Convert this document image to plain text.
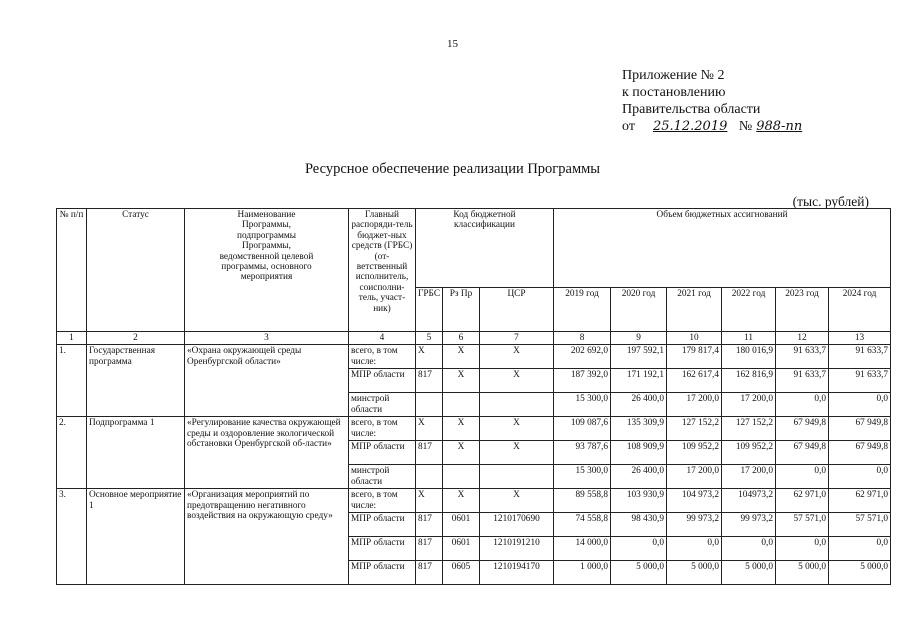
15
Приложение № 2
к постановлению
Правительства области
от 25.12.2019 № 988-пп
Ресурсное обеспечение реализации Программы
(тыс. рублей)
№ п/п	Статус	Наименование Программы, подпрограммы Программы, ведомственной целевой программы, основного мероприятия	Главный распоряди-тель бюджет-ных средств (ГРБС) (от-ветственный исполнитель, соисполни-тель, участ-ник)	Код бюджетной классификации			Объем бюджетных ассигнований					
				ГРБС	Рз Пр	ЦСР	2019 год	2020 год	2021 год	2022 год	2023 год	2024 год
1	2	3	4	5	6	7	8	9	10	11	12	13
1.	Государственная программа	«Охрана окружающей среды Оренбургской области»	всего, в том числе:	X	X	X	202 692,0	197 592,1	179 817,4	180 016,9	91 633,7	91 633,7
			МПР области	817	X	X	187 392,0	171 192,1	162 617,4	162 816,9	91 633,7	91 633,7
			минстрой области				15 300,0	26 400,0	17 200,0	17 200,0	0,0	0,0
2.	Подпрограмма 1	«Регулирование качества окружающей среды и оздоровление экологической обстановки Оренбургской об-ласти»	всего, в том числе:	X	X	X	109 087,6	135 309,9	127 152,2	127 152,2	67 949,8	67 949,8
			МПР области	817	X	X	93 787,6	108 909,9	109 952,2	109 952,2	67 949,8	67 949,8
			минстрой области				15 300,0	26 400,0	17 200,0	17 200,0	0,0	0,0
3.	Основное мероприятие 1	«Организация мероприятий по предотвращению негативного воздействия на окружающую среду»	всего, в том числе:	X	X	X	89 558,8	103 930,9	104 973,2	104973,2	62 971,0	62 971,0
			МПР области	817	0601	1210170690	74 558,8	98 430,9	99 973,2	99 973,2	57 571,0	57 571,0
			МПР области	817	0601	1210191210	14 000,0	0,0	0,0	0,0	0,0	0,0
			МПР области	817	0605	1210194170	1 000,0	5 000,0	5 000,0	5 000,0	5 000,0	5 000,0
